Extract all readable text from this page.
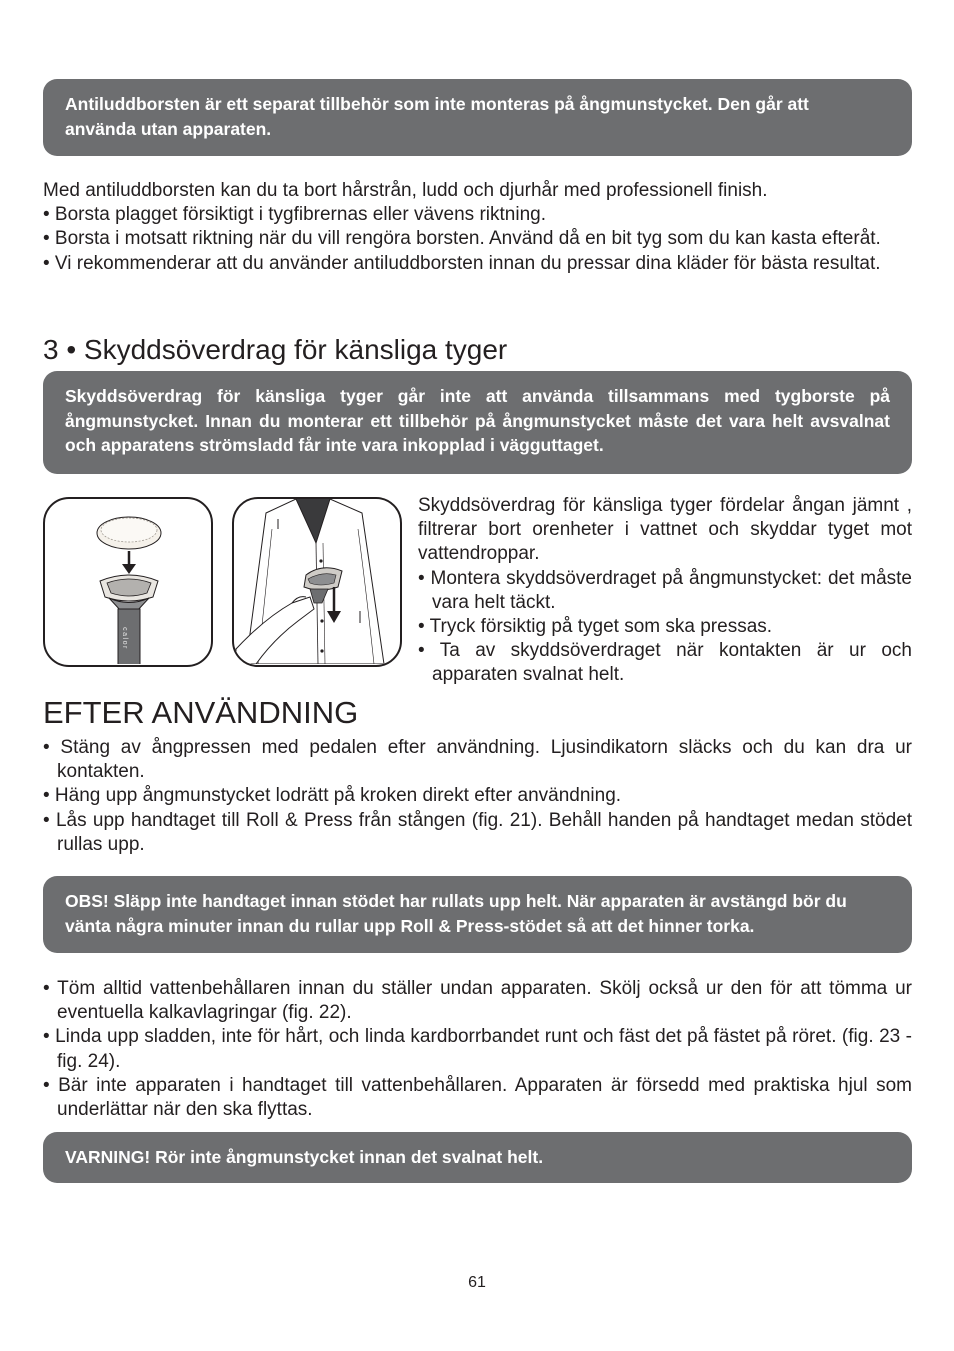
Antiluddborsten är ett separat tillbehör som inte monteras på ångmunstycket. Den går att använda utan apparaten.

Med antiluddborsten kan du ta bort hårstrån, ludd och djurhår med professionell finish.

• Borsta plagget försiktigt i tygfibrernas eller vävens riktning.

• Borsta i motsatt riktning när du vill rengöra borsten. Använd då en bit tyg som du kan kasta efteråt.

• Vi rekommenderar att du använder antiluddborsten innan du pressar dina kläder för bästa resultat.

3 • Skyddsöverdrag för känsliga tyger
Skyddsöverdrag för känsliga tyger går inte att använda tillsammans med tygborste på ångmunstycket. Innan du monterar ett tillbehör på ångmunstycket måste det vara helt avsvalnat och apparatens strömsladd får inte vara inkopplad i vägguttaget.
calor

Skyddsöverdrag för känsliga tyger fördelar ångan jämnt , filtrerar bort orenheter i vattnet och skyddar tyget mot vattendroppar.

• Montera skyddsöverdraget på ångmunstycket: det måste vara helt täckt.

• Tryck försiktig på tyget som ska pressas.

• Ta av skyddsöverdraget när kontakten är ur och apparaten svalnat helt.

EFTER ANVÄNDNING

• Stäng av ångpressen med pedalen efter användning. Ljusindikatorn släcks och du kan dra ur kontakten.

• Häng upp ångmunstycket lodrätt på kroken direkt efter användning.

• Lås upp handtaget till Roll & Press från stången (fig. 21). Behåll handen på handtaget medan stödet rullas upp.

OBS! Släpp inte handtaget innan stödet har rullats upp helt. När apparaten är avstängd bör du vänta några minuter innan du rullar upp Roll & Press-stödet så att det hinner torka.

• Töm alltid vattenbehållaren innan du ställer undan apparaten. Skölj också ur den för att tömma ur eventuella kalkavlagringar (fig. 22).

• Linda upp sladden, inte för hårt, och linda kardborrbandet runt och fäst det på fästet på röret. (fig. 23 - fig. 24).

• Bär inte apparaten i handtaget till vattenbehållaren. Apparaten är försedd med praktiska hjul som underlättar när den ska flyttas.

VARNING! Rör inte ångmunstycket innan det svalnat helt.
61
